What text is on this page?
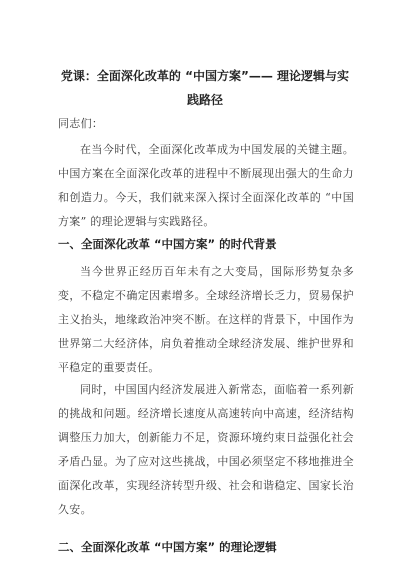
党课：全面深化改革的 “中国方案”—— 理论逻辑与实践路径

同志们：

在当今时代，全面深化改革成为中国发展的关键主题。中国方案在全面深化改革的进程中不断展现出强大的生命力和创造力。今天，我们就来深入探讨全面深化改革的 “中国方案” 的理论逻辑与实践路径。

一、全面深化改革 “中国方案” 的时代背景

当今世界正经历百年未有之大变局，国际形势复杂多变，不稳定不确定因素增多。全球经济增长乏力，贸易保护主义抬头，地缘政治冲突不断。在这样的背景下，中国作为世界第二大经济体，肩负着推动全球经济发展、维护世界和平稳定的重要责任。

同时，中国国内经济发展进入新常态，面临着一系列新的挑战和问题。经济增长速度从高速转向中高速，经济结构调整压力加大，创新能力不足，资源环境约束日益强化社会矛盾凸显。为了应对这些挑战，中国必须坚定不移地推进全面深化改革，实现经济转型升级、社会和谐稳定、国家长治久安。

二、全面深化改革 “中国方案” 的理论逻辑
